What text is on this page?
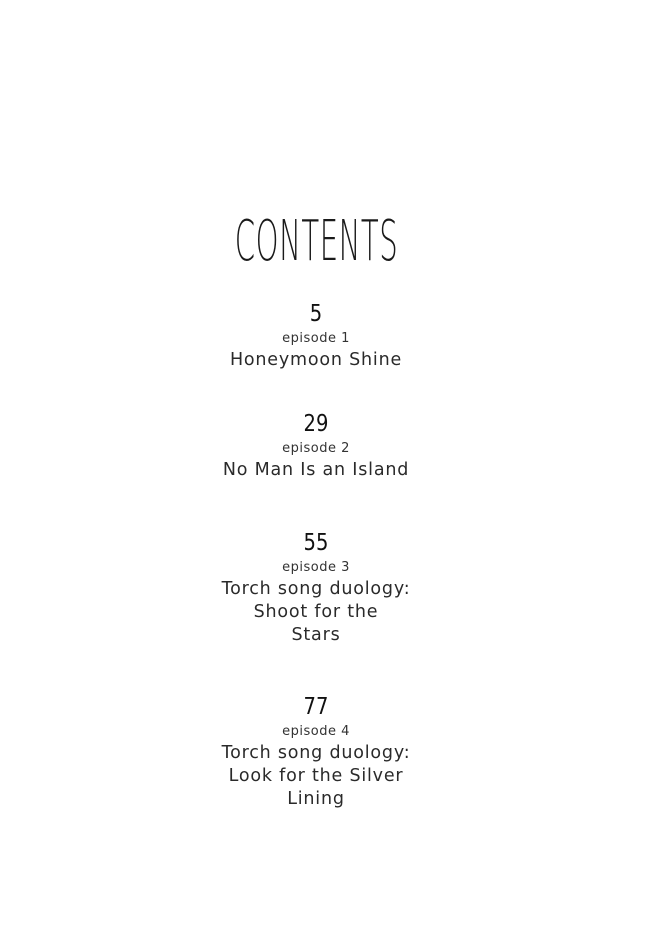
CONTENTS
5
episode 1
Honeymoon Shine
29
episode 2
No Man Is an Island
55
episode 3
Torch song duology:
Shoot for the
Stars
77
episode 4
Torch song duology:
Look for the Silver
Lining
